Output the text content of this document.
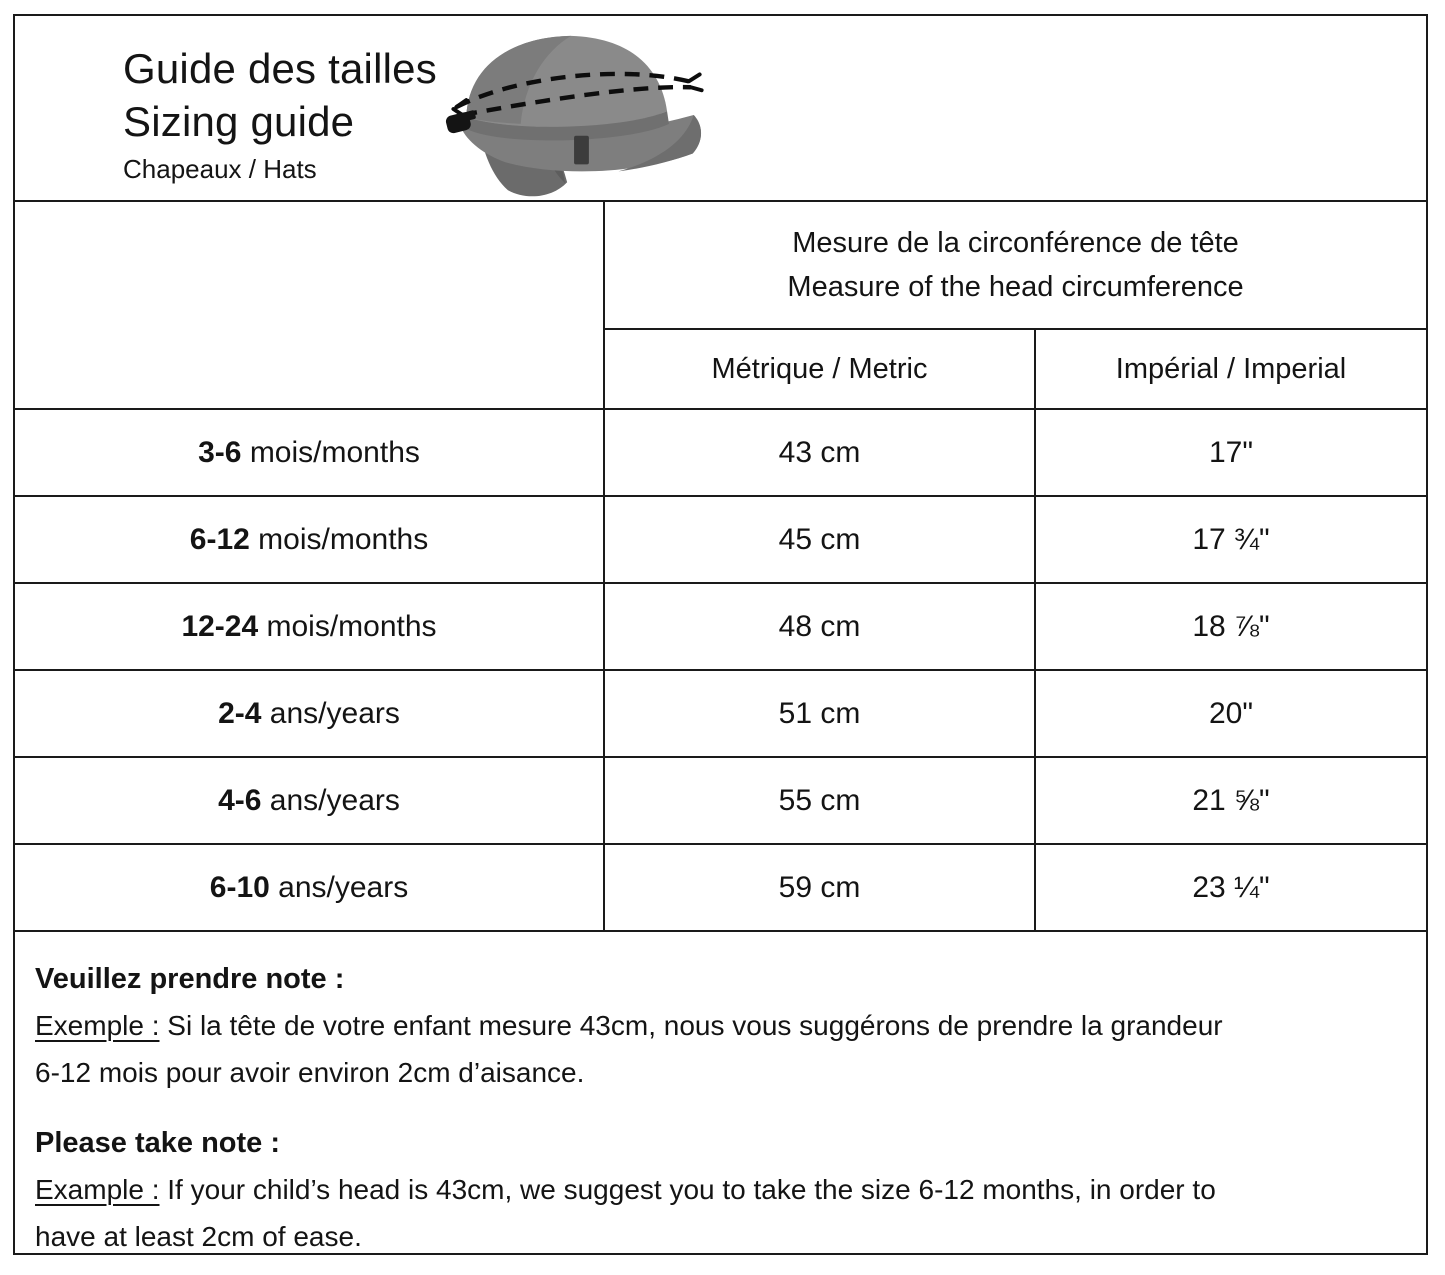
Guide des tailles
Sizing guide
Chapeaux / Hats

	Mesure de la circonférence de tête
Measure of the head circumference	

	Métrique / Metric	Impérial / Imperial
3-6 mois/months	43 cm	17"
6-12 mois/months	45 cm	17 ¾"
12-24 mois/months	48 cm	18 ⅞"
2-4 ans/years	51 cm	20"
4-6 ans/years	55 cm	21 ⅝"
6-10 ans/years	59 cm	23 ¼"
Veuillez prendre note :
Exemple : Si la tête de votre enfant mesure 43cm, nous vous suggérons de prendre la grandeur
6-12 mois pour avoir environ 2cm d’aisance.
Please take note :
Example : If your child’s head is 43cm, we suggest you to take the size 6-12 months, in order to
have at least 2cm of ease.
